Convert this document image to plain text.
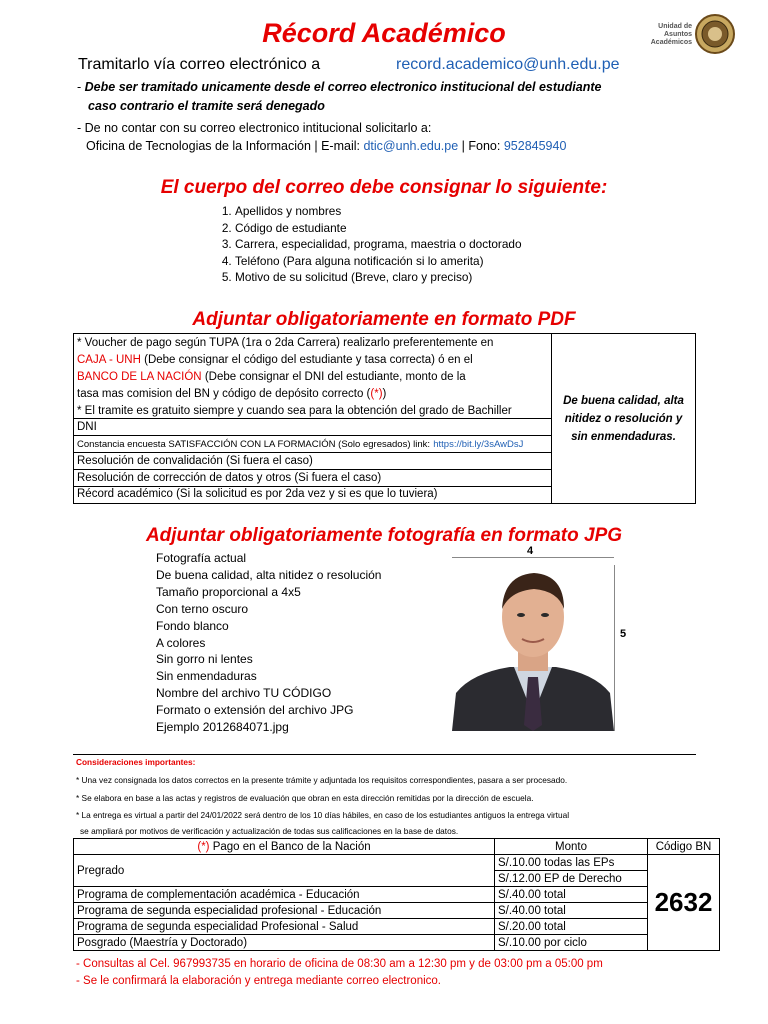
Récord Académico	Unidad de
Asuntos
Académicos
Tramitarlo vía correo electrónico a	record.academico@unh.edu.pe
- Debe ser tramitado unicamente desde el correo electronico institucional del estudiante
caso contrario el tramite será denegado
- De no contar con su correo electronico intitucional solicitarlo a:
Oficina de Tecnologias de la Información | E-mail: dtic@unh.edu.pe | Fono: 952845940
El cuerpo del correo debe consignar lo siguiente:
1. Apellidos y nombres
2. Código de estudiante
3. Carrera, especialidad, programa, maestria o doctorado
4. Teléfono (Para alguna notificación si lo amerita)
5. Motivo de su solicitud (Breve, claro y preciso)
Adjuntar obligatoriamente en formato PDF
* Voucher de pago según TUPA (1ra o 2da Carrera) realizarlo preferentemente en
CAJA - UNH (Debe consignar el código del estudiante y tasa correcta) ó en el
BANCO DE LA NACIÓN (Debe consignar el DNI del estudiante, monto de la
tasa mas comision del BN y código de depósito correcto ((*))
* El tramite es gratuito siempre y cuando sea para la obtención del grado de Bachiller
DNI
Constancia encuesta SATISFACCIÓN CON LA FORMACIÓN (Solo egresados) link: https://bit.ly/3sAwDsJ
Resolución de convalidación (Si fuera el caso)
Resolución de corrección de datos y otros (Si fuera el caso)
Récord académico (Si la solicitud es por 2da vez y si es que lo tuviera)
De buena calidad, alta nitidez o resolución y sin enmendaduras.
Adjuntar obligatoriamente fotografía en formato JPG
Fotografía actual
De buena calidad, alta nitidez o resolución
Tamaño proporcional a 4x5
Con terno oscuro
Fondo blanco
A colores
Sin gorro ni lentes
Sin enmendaduras
Nombre del archivo TU CÓDIGO
Formato o extensión del archivo JPG
Ejemplo 2012684071.jpg
4
5
Consideraciones importantes:
* Una vez consignada los datos correctos en la presente trámite y adjuntada los requisitos correspondientes, pasara a ser procesado.
* Se elabora en base a las actas y registros de evaluación que obran en esta dirección remitidas por la dirección de escuela.
* La entrega es virtual a partir del 24/01/2022 será dentro de los 10 días hábiles, en caso de los estudiantes antiguos la entrega virtual
se ampliará por motivos de verificación y actualización de todas sus calificaciones en la base de datos.
(*) Pago en el Banco de la Nación	Monto	Código BN
Pregrado	S/.10.00 todas las EPs	2632
	S/.12.00 EP de Derecho	
Programa de complementación académica - Educación	S/.40.00 total	
Programa de segunda especialidad profesional - Educación	S/.40.00 total	
Programa de segunda especialidad Profesional - Salud	S/.20.00 total	
Posgrado (Maestría y Doctorado)	S/.10.00 por ciclo	
- Consultas al Cel. 967993735 en horario de oficina de 08:30 am a 12:30 pm y de 03:00 pm a 05:00 pm
- Se le confirmará la elaboración y entrega mediante correo electronico.
